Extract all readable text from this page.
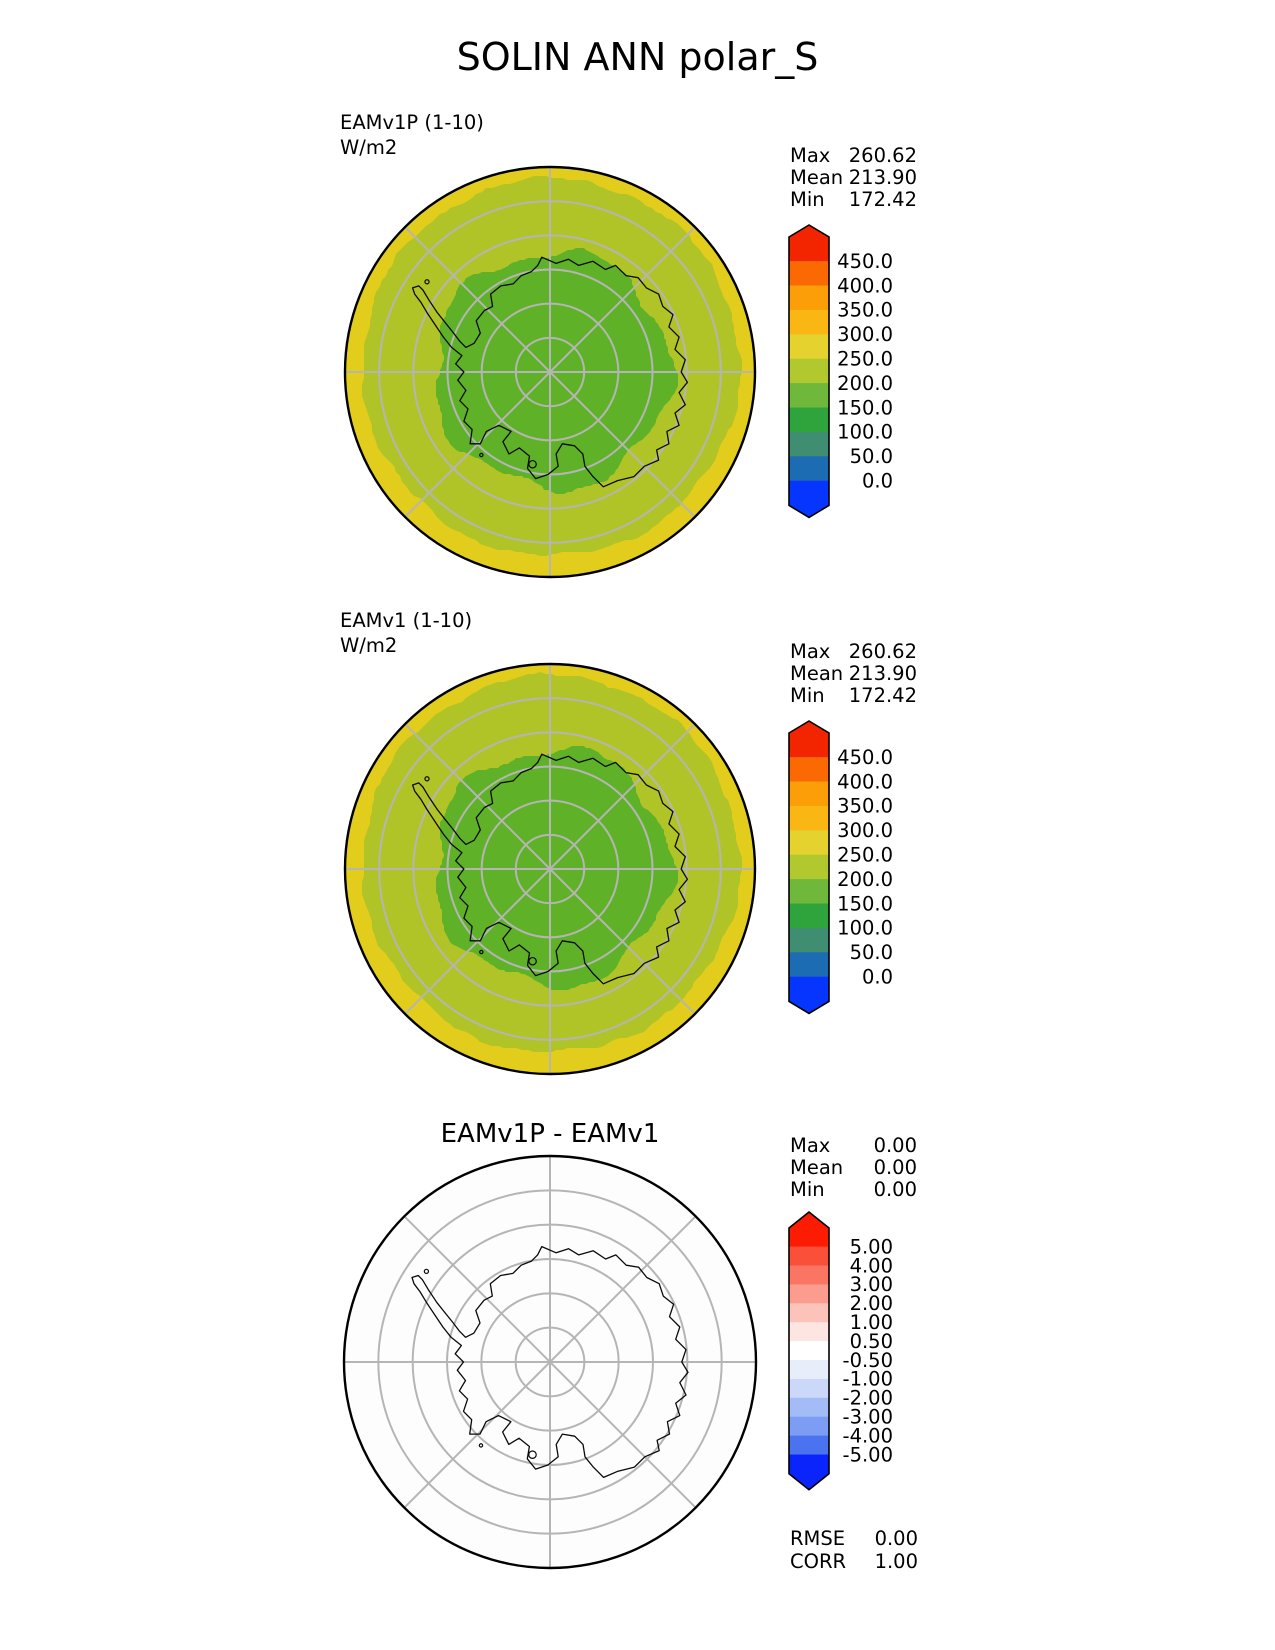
450.0
400.0
350.0
300.0
250.0
200.0
150.0
100.0
50.0
0.0
450.0
400.0
350.0
300.0
250.0
200.0
150.0
100.0
50.0
0.0
5.00
4.00
3.00
2.00
1.00
0.50
-0.50
-1.00
-2.00
-3.00
-4.00
-5.00
SOLIN ANN polar_S
EAMv1P (1-10)
W/m2	Max 260.62
Mean 213.90
Min 172.42
EAMv1 (1-10)
W/m2	Max 260.62
Mean 213.90
Min 172.42
EAMv1P - EAMv1	Max 0.00
Mean 0.00
Min	0.00
RMSE 0.00
CORR 1.00
